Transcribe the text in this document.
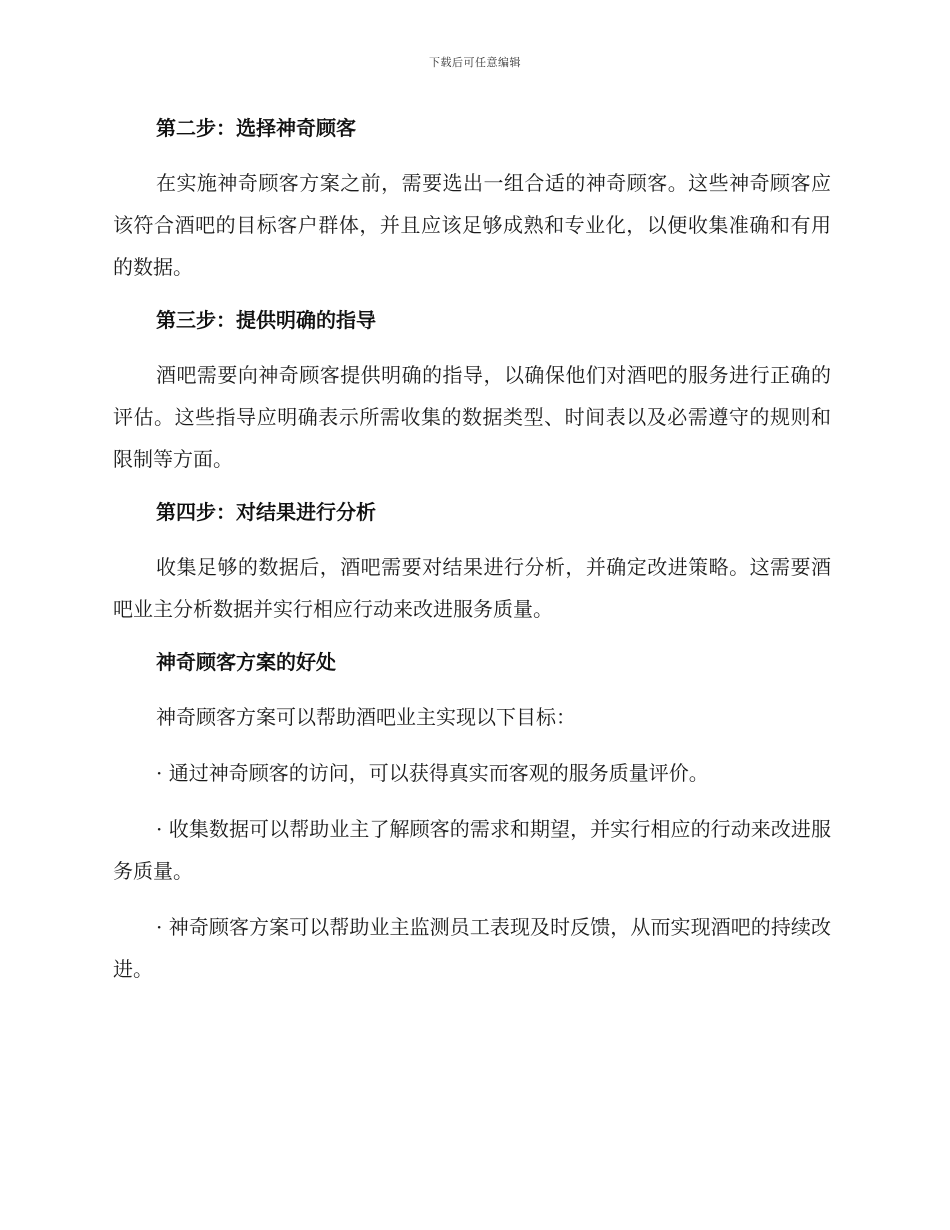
下载后可任意编辑
第二步：选择神奇顾客

在实施神奇顾客方案之前，需要选出一组合适的神奇顾客。这些神奇顾客应该符合酒吧的目标客户群体，并且应该足够成熟和专业化，以便收集准确和有用的数据。

第三步：提供明确的指导

酒吧需要向神奇顾客提供明确的指导，以确保他们对酒吧的服务进行正确的评估。这些指导应明确表示所需收集的数据类型、时间表以及必需遵守的规则和限制等方面。

第四步：对结果进行分析

收集足够的数据后，酒吧需要对结果进行分析，并确定改进策略。这需要酒吧业主分析数据并实行相应行动来改进服务质量。

神奇顾客方案的好处

神奇顾客方案可以帮助酒吧业主实现以下目标：

· 通过神奇顾客的访问，可以获得真实而客观的服务质量评价。

· 收集数据可以帮助业主了解顾客的需求和期望，并实行相应的行动来改进服务质量。

· 神奇顾客方案可以帮助业主监测员工表现及时反馈，从而实现酒吧的持续改进。
